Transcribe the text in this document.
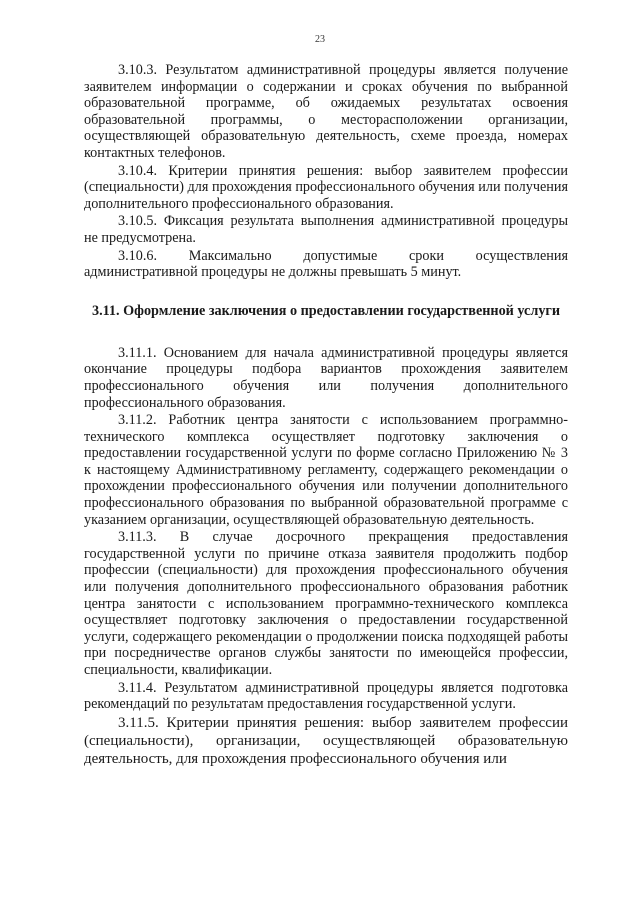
23

3.10.3. Результатом административной процедуры является получение заявителем информации о содержании и сроках обучения по выбранной образовательной программе, об ожидаемых результатах освоения образовательной программы, о месторасположении организации, осуществляющей образовательную деятельность, схеме проезда, номерах контактных телефонов.

3.10.4. Критерии принятия решения: выбор заявителем профессии (специальности) для прохождения профессионального обучения или получения дополнительного профессионального образования.

3.10.5. Фиксация результата выполнения административной процедуры не предусмотрена.

3.10.6. Максимально допустимые сроки осуществления административной процедуры не должны превышать 5 минут.

3.11. Оформление заключения о предоставлении государственной услуги

3.11.1. Основанием для начала административной процедуры является окончание процедуры подбора вариантов прохождения заявителем профессионального обучения или получения дополнительного профессионального образования.

3.11.2. Работник центра занятости с использованием программно-технического комплекса осуществляет подготовку заключения о предоставлении государственной услуги по форме согласно Приложению № 3 к настоящему Административному регламенту, содержащего рекомендации о прохождении профессионального обучения или получении дополнительного профессионального образования по выбранной образовательной программе с указанием организации, осуществляющей образовательную деятельность.

3.11.3. В случае досрочного прекращения предоставления государственной услуги по причине отказа заявителя продолжить подбор профессии (специальности) для прохождения профессионального обучения или получения дополнительного профессионального образования работник центра занятости с использованием программно-технического комплекса осуществляет подготовку заключения о предоставлении государственной услуги, содержащего рекомендации о продолжении поиска подходящей работы при посредничестве органов службы занятости по имеющейся профессии, специальности, квалификации.

3.11.4. Результатом административной процедуры является подготовка рекомендаций по результатам предоставления государственной услуги.

3.11.5. Критерии принятия решения: выбор заявителем профессии (специальности), организации, осуществляющей образовательную деятельность, для прохождения профессионального обучения или
